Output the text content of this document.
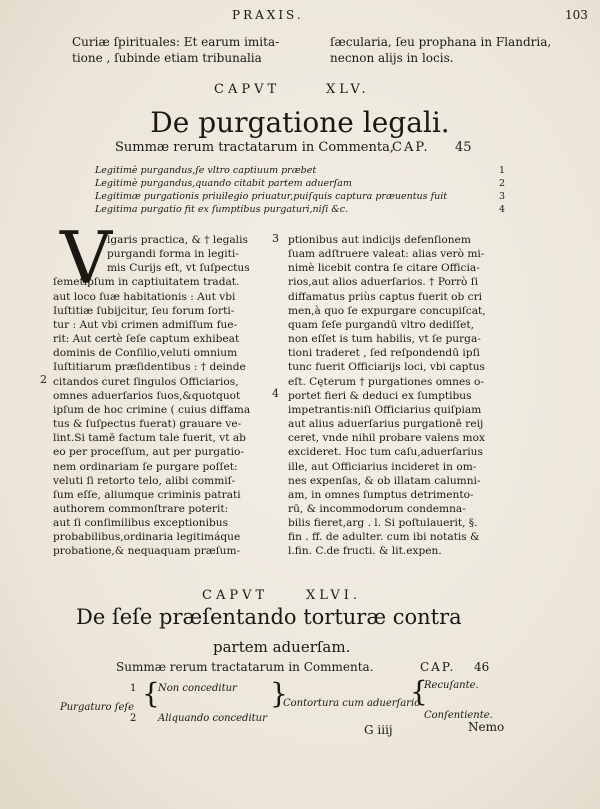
PRAXIS.	103
Curiæ ſpirituales: Et earum imita-
tione , ſubinde etiam tribunalia
ſæcularia, ſeu prophana in Flandria,
necnon alijs in locis.
CAPVT	XLV.
De purgatione legali.
Summæ rerum tractatarum in Commenta,
CAP. 45
Legitimè purgandus,ſe vltro captiuum præbet	1
Legitimè purgandus,quando citabit partem aduerſam	2
Legitimæ purgationis priuilegio priuatur,puiſquis captura præuentus fuit	3
Legitima purgatio fit ex ſumptibus purgaturi,niſi &c.	4
V	3
2
4
lgaris practica, & † legalis
purgandi forma in legiti-
mis Curijs eſt, vt ſuſpectus
ſemetipſum in captiuitatem tradat.
aut loco ſuæ habitationis : Aut vbi
Iuſtitiæ ſubijcitur, ſeu forum ſorti-
tur : Aut vbi crimen admiſſum fue-
rit: Aut certè ſeſe captum exhibeat
dominis de Conſilio,veluti omnium
Iuſtitiarum præſidentibus : † deinde
citandos curet ſingulos Officiarios,
omnes aduerſarios ſuos,&quotquot
ipſum de hoc crimine ( cuius diffama
tus & ſuſpectus fuerat) grauare ve-
lint.Si tamē factum tale fuerit, vt ab
eo per proceſſum, aut per purgatio-
nem ordinariam ſe purgare poſſet:
veluti ſi retorto telo, alibi commiſ-
ſum eſſe, aliumque criminis patrati
authorem commonſtrare poterit:
aut ſi conſimilibus exceptionibus
probabilibus,ordinaria legitimáque
probatione,& nequaquam præſum-
ptionibus aut indicijs defenſionem
ſuam adſtruere valeat: alias verò mi-
nimè licebit contra ſe citare Officia-
rios,aut alios aduerſarios. † Porrò ſi
diffamatus priùs captus fuerit ob cri
men,à quo ſe expurgare concupiſcat,
quam ſeſe purgandū vltro dediſſet,
non eſſet is tum habilis, vt ſe purga-
tioni traderet , ſed reſpondendū ipſi
tunc fuerit Officiarijs loci, vbi captus
eſt. Cęterum † purgationes omnes o-
portet fieri & deduci ex ſumptibus
impetrantis:niſi Officiarius quiſpiam
aut alius aduerſarius purgationē reij
ceret, vnde nihil probare valens mox
excideret. Hoc tum caſu,aduerſarius
ille, aut Officiarius incideret in om-
nes expenſas, & ob illatam calumni-
am, in omnes ſumptus detrimento-
rū, & incommodorum condemna-
bilis fieret,arg . l. Si poſtulauerit, §.
fin . ff. de adulter. cum ibi notatis &
l.fin. C.de fructi. & lit.expen.
CAPVT	XLVI.
De ſeſe præſentando torturæ contra
partem aduerſam.
Summæ rerum tractatarum in Commenta.	CAP. 46
Purgaturo ſeſe
1
2
{
Non conceditur
Aliquando conceditur
}
Contortura cum aduerſario
{
Recuſante.
Conſentiente.
G iiij	Nemo
